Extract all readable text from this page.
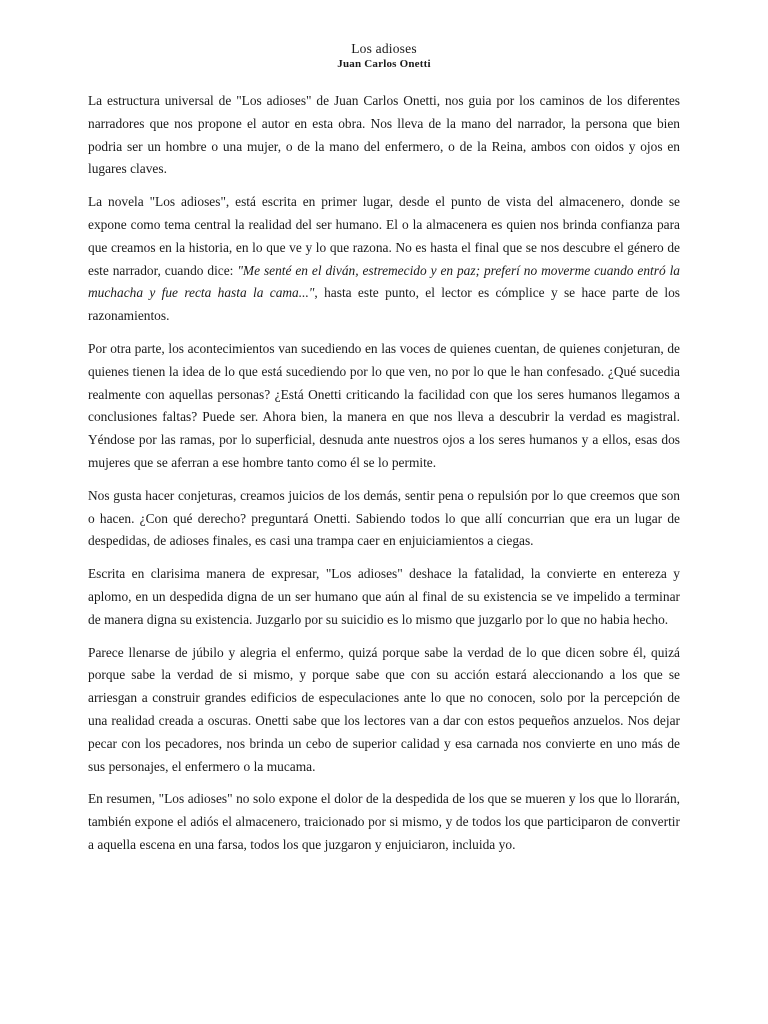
Los adioses
Juan Carlos Onetti

La estructura universal de "Los adioses" de Juan Carlos Onetti, nos guia por los caminos de los diferentes narradores que nos propone el autor en esta obra. Nos lleva de la mano del narrador, la persona que bien podria ser un hombre o una mujer, o de la mano del enfermero, o de la Reina, ambos con oidos y ojos en lugares claves.

La novela "Los adioses", está escrita en primer lugar, desde el punto de vista del almacenero, donde se expone como tema central la realidad del ser humano. El o la almacenera es quien nos brinda confianza para que creamos en la historia, en lo que ve y lo que razona. No es hasta el final que se nos descubre el género de este narrador, cuando dice: "Me senté en el diván, estremecido y en paz; preferí no moverme cuando entró la muchacha y fue recta hasta la cama...", hasta este punto, el lector es cómplice y se hace parte de los razonamientos.

Por otra parte, los acontecimientos van sucediendo en las voces de quienes cuentan, de quienes conjeturan, de quienes tienen la idea de lo que está sucediendo por lo que ven, no por lo que le han confesado. ¿Qué sucedia realmente con aquellas personas? ¿Está Onetti criticando la facilidad con que los seres humanos llegamos a conclusiones faltas? Puede ser. Ahora bien, la manera en que nos lleva a descubrir la verdad es magistral. Yéndose por las ramas, por lo superficial, desnuda ante nuestros ojos a los seres humanos y a ellos, esas dos mujeres que se aferran a ese hombre tanto como él se lo permite.

Nos gusta hacer conjeturas, creamos juicios de los demás, sentir pena o repulsión por lo que creemos que son o hacen. ¿Con qué derecho? preguntará Onetti. Sabiendo todos lo que allí concurrian que era un lugar de despedidas, de adioses finales, es casi una trampa caer en enjuiciamientos a ciegas.

Escrita en clarisima manera de expresar, "Los adioses" deshace la fatalidad, la convierte en entereza y aplomo, en un despedida digna de un ser humano que aún al final de su existencia se ve impelido a terminar de manera digna su existencia. Juzgarlo por su suicidio es lo mismo que juzgarlo por lo que no habia hecho.

Parece llenarse de júbilo y alegria el enfermo, quizá porque sabe la verdad de lo que dicen sobre él, quizá porque sabe la verdad de si mismo, y porque sabe que con su acción estará aleccionando a los que se arriesgan a construir grandes edificios de especulaciones ante lo que no conocen, solo por la percepción de una realidad creada a oscuras. Onetti sabe que los lectores van a dar con estos pequeños anzuelos. Nos dejar pecar con los pecadores, nos brinda un cebo de superior calidad y esa carnada nos convierte en uno más de sus personajes, el enfermero o la mucama.

En resumen, "Los adioses" no solo expone el dolor de la despedida de los que se mueren y los que lo llorarán, también expone el adiós el almacenero, traicionado por si mismo, y de todos los que participaron de convertir a aquella escena en una farsa, todos los que juzgaron y enjuiciaron, incluida yo.
